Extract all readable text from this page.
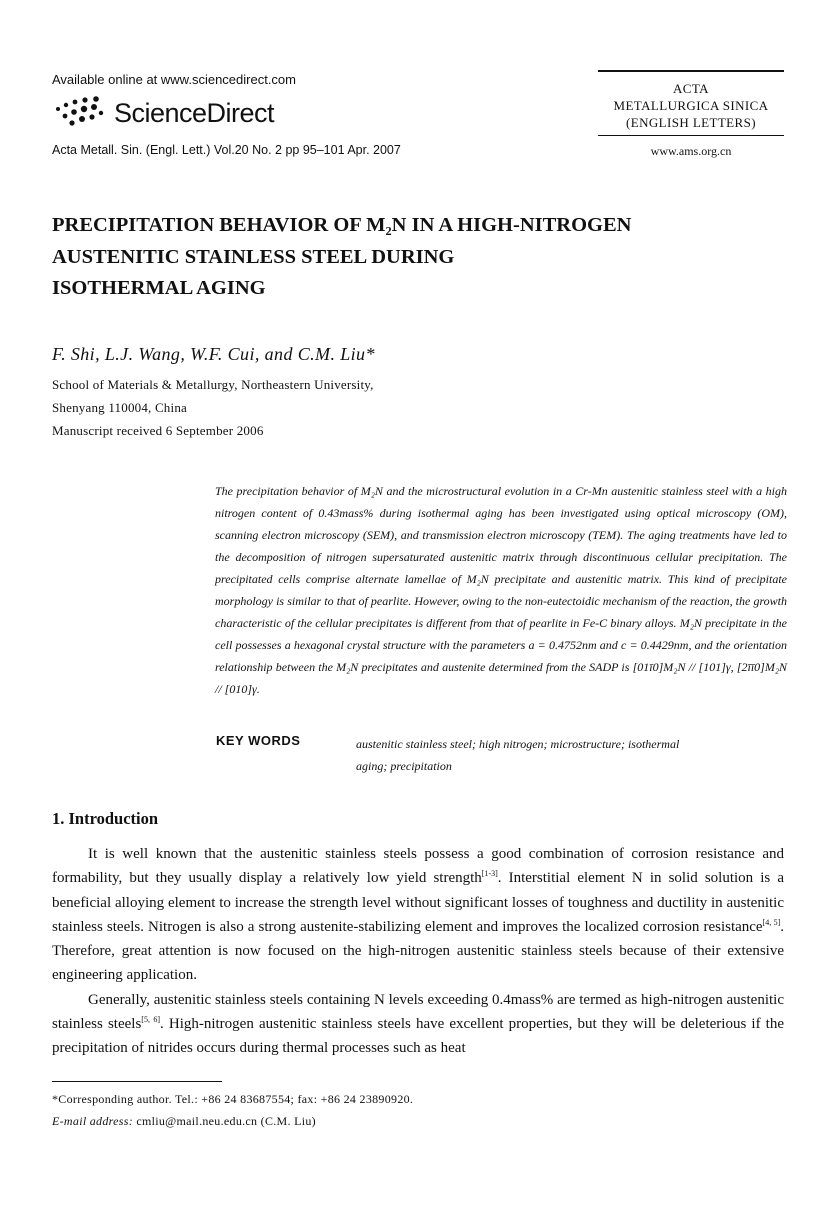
Available online at www.sciencedirect.com
ScienceDirect
Acta Metall. Sin. (Engl. Lett.) Vol.20 No. 2 pp 95–101 Apr. 2007
ACTA
METALLURGICA SINICA
(ENGLISH LETTERS)
www.ams.org.cn
PRECIPITATION BEHAVIOR OF M₂N IN A HIGH-NITROGEN
AUSTENITIC STAINLESS STEEL DURING
ISOTHERMAL AGING
F. Shi, L.J. Wang, W.F. Cui, and C.M. Liu*
School of Materials & Metallurgy, Northeastern University,
Shenyang 110004, China
Manuscript received 6 September 2006
The precipitation behavior of M₂N and the microstructural evolution in a Cr-Mn austenitic stainless steel with a high nitrogen content of 0.43mass% during isothermal aging has been investigated using optical microscopy (OM), scanning electron microscopy (SEM), and transmission electron microscopy (TEM). The aging treatments have led to the decomposition of nitrogen supersaturated austenitic matrix through discontinuous cellular precipitation. The precipitated cells comprise alternate lamellae of M₂N precipitate and austenitic matrix. This kind of precipitate morphology is similar to that of pearlite. However, owing to the non-eutectoidic mechanism of the reaction, the growth characteristic of the cellular precipitates is different from that of pearlite in Fe-C binary alloys. M₂N precipitate in the cell possesses a hexagonal crystal structure with the parameters a = 0.4752nm and c = 0.4429nm, and the orientation relationship between the M₂N precipitates and austenite determined from the SADP is [01ī0]M₂N // [101]γ, [2īī0]M₂N // [010]γ.
KEY WORDS	austenitic stainless steel; high nitrogen; microstructure; isothermal aging; precipitation
1. Introduction

It is well known that the austenitic stainless steels possess a good combination of corrosion resistance and formability, but they usually display a relatively low yield strength[1-3]. Interstitial element N in solid solution is a beneficial alloying element to increase the strength level without significant losses of toughness and ductility in austenitic stainless steels. Nitrogen is also a strong austenite-stabilizing element and improves the localized corrosion resistance[4, 5]. Therefore, great attention is now focused on the high-nitrogen austenitic stainless steels because of their extensive engineering application.

Generally, austenitic stainless steels containing N levels exceeding 0.4mass% are termed as high-nitrogen austenitic stainless steels[5, 6]. High-nitrogen austenitic stainless steels have excellent properties, but they will be deleterious if the precipitation of nitrides occurs during thermal processes such as heat

*Corresponding author. Tel.: +86 24 83687554; fax: +86 24 23890920.
E-mail address: cmliu@mail.neu.edu.cn (C.M. Liu)
